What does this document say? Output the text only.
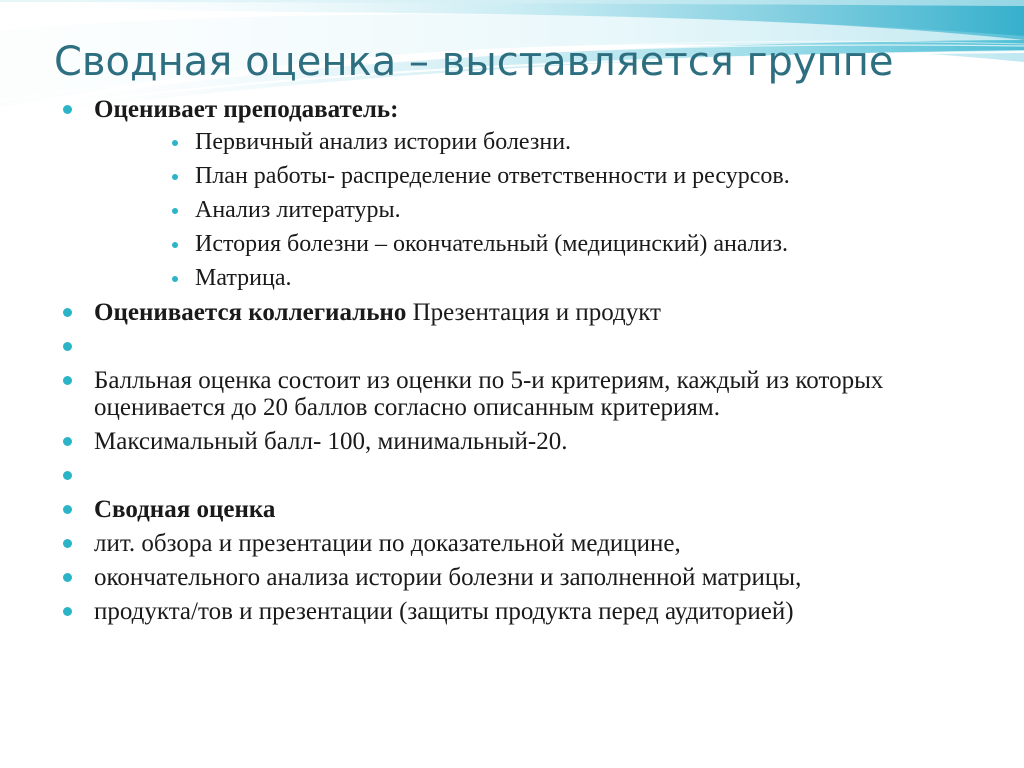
Сводная оценка – выставляется группе
Оценивает преподаватель:
Первичный анализ истории болезни.
План работы- распределение ответственности и ресурсов.
Анализ литературы.
История болезни – окончательный (медицинский) анализ.
Матрица.
Оценивается коллегиально Презентация и продукт
Балльная оценка состоит из оценки по 5-и критериям, каждый из которых оценивается до 20 баллов согласно описанным критериям.
Максимальный балл- 100, минимальный-20.
Сводная оценка
лит. обзора и презентации по доказательной медицине,
окончательного анализа истории болезни и заполненной матрицы,
продукта/тов и презентации (защиты продукта перед аудиторией)
